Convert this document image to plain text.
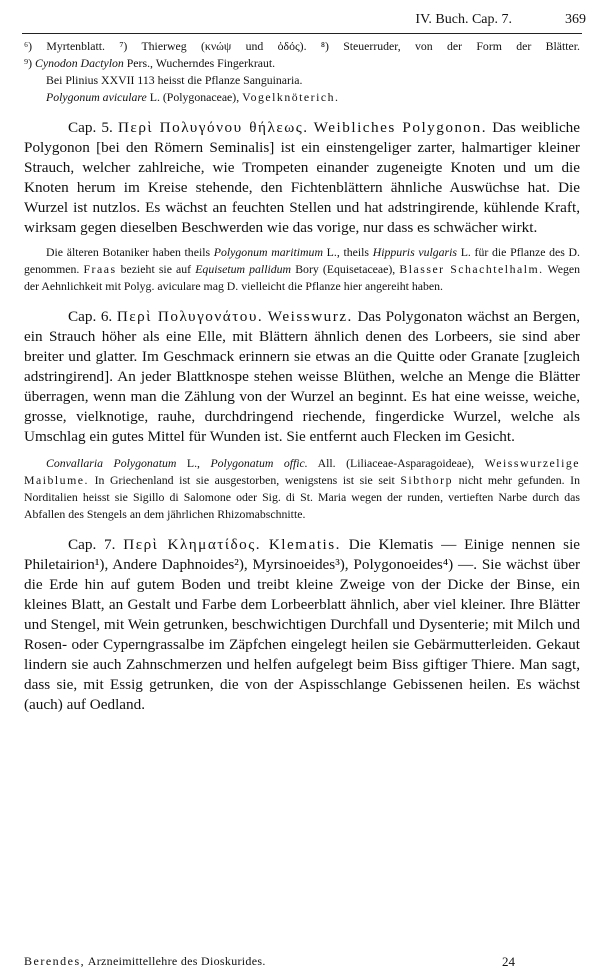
IV. Buch. Cap. 7.	369
⁶) Myrtenblatt. ⁷) Thierweg (κνώψ und ὁδός). ⁸) Steuerruder, von der Form der Blätter.
⁹) Cynodon Dactylon Pers., Wucherndes Fingerkraut.
Bei Plinius XXVII 113 heisst die Pflanze Sanguinaria.
Polygonum aviculare L. (Polygonaceae), Vogelknöterich.

Cap. 5. Περὶ Πολυγόνου θήλεως. Weibliches Polygonon. Das weibliche Polygonon [bei den Römern Seminalis] ist ein einstengeliger zarter, halmartiger kleiner Strauch, welcher zahlreiche, wie Trompeten einander zugeneigte Knoten und um die Knoten herum im Kreise stehende, den Fichtenblättern ähnliche Auswüchse hat. Die Wurzel ist nutzlos. Es wächst an feuchten Stellen und hat adstringirende, kühlende Kraft, wirksam gegen dieselben Beschwerden wie das vorige, nur dass es schwächer wirkt.

Die älteren Botaniker haben theils Polygonum maritimum L., theils Hippuris vulgaris L. für die Pflanze des D. genommen. Fraas bezieht sie auf Equisetum pallidum Bory (Equisetaceae), Blasser Schachtelhalm. Wegen der Aehnlichkeit mit Polyg. aviculare mag D. vielleicht die Pflanze hier angereiht haben.

Cap. 6. Περὶ Πολυγονάτου. Weisswurz. Das Polygonaton wächst an Bergen, ein Strauch höher als eine Elle, mit Blättern ähnlich denen des Lorbeers, sie sind aber breiter und glatter. Im Geschmack erinnern sie etwas an die Quitte oder Granate [zugleich adstringirend]. An jeder Blattknospe stehen weisse Blüthen, welche an Menge die Blätter überragen, wenn man die Zählung von der Wurzel an beginnt. Es hat eine weisse, weiche, grosse, vielknotige, rauhe, durchdringend riechende, fingerdicke Wurzel, welche als Umschlag ein gutes Mittel für Wunden ist. Sie entfernt auch Flecken im Gesicht.

Convallaria Polygonatum L., Polygonatum offic. All. (Liliaceae-Asparagoideae), Weisswurzelige Maiblume. In Griechenland ist sie ausgestorben, wenigstens ist sie seit Sibthorp nicht mehr gefunden. In Norditalien heisst sie Sigillo di Salomone oder Sig. di St. Maria wegen der runden, vertieften Narbe durch das Abfallen des Stengels an dem jährlichen Rhizomabschnitte.

Cap. 7. Περὶ Κληματίδος. Klematis. Die Klematis — Einige nennen sie Philetairion¹), Andere Daphnoides²), Myrsinoeides³), Polygonoeides⁴) —. Sie wächst über die Erde hin auf gutem Boden und treibt kleine Zweige von der Dicke der Binse, ein kleines Blatt, an Gestalt und Farbe dem Lorbeerblatt ähnlich, aber viel kleiner. Ihre Blätter und Stengel, mit Wein getrunken, beschwichtigen Durchfall und Dysenterie; mit Milch und Rosen- oder Cyperngrassalbe im Zäpfchen eingelegt heilen sie Gebärmutterleiden. Gekaut lindern sie auch Zahnschmerzen und helfen aufgelegt beim Biss giftiger Thiere. Man sagt, dass sie, mit Essig getrunken, die von der Aspisschlange Gebissenen heilen. Es wächst (auch) auf Oedland.

Berendes, Arzneimittellehre des Dioskurides.	24
